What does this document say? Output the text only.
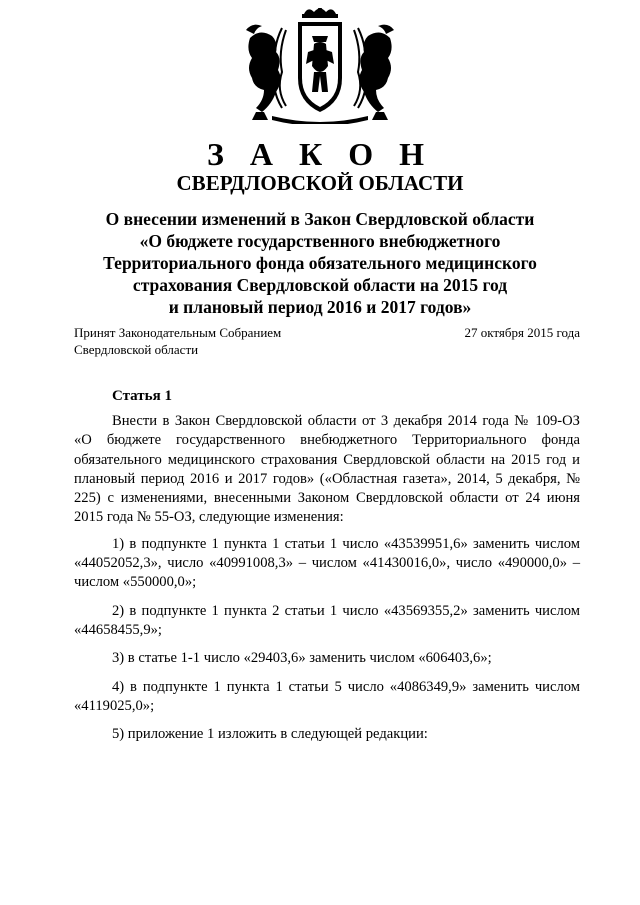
З А К О Н
СВЕРДЛОВСКОЙ ОБЛАСТИ
О внесении изменений в Закон Свердловской области
«О бюджете государственного внебюджетного
Территориального фонда обязательного медицинского
страхования Свердловской области на 2015 год
и плановый период 2016 и 2017 годов»
Принят Законодательным Собранием
Свердловской области
27 октября 2015 года
Статья 1

Внести в Закон Свердловской области от 3 декабря 2014 года № 109-ОЗ «О бюджете государственного внебюджетного Территориального фонда обязательного медицинского страхования Свердловской области на 2015 год и плановый период 2016 и 2017 годов» («Областная газета», 2014, 5 декабря, № 225) с изменениями, внесенными Законом Свердловской области от 24 июня 2015 года № 55-ОЗ, следующие изменения:

1) в подпункте 1 пункта 1 статьи 1 число «43539951,6» заменить числом «44052052,3», число «40991008,3» – числом «41430016,0», число «490000,0» – числом «550000,0»;

2) в подпункте 1 пункта 2 статьи 1 число «43569355,2» заменить числом «44658455,9»;

3) в статье 1-1 число «29403,6» заменить числом «606403,6»;

4) в подпункте 1 пункта 1 статьи 5 число «4086349,9» заменить числом «4119025,0»;

5) приложение 1 изложить в следующей редакции:
